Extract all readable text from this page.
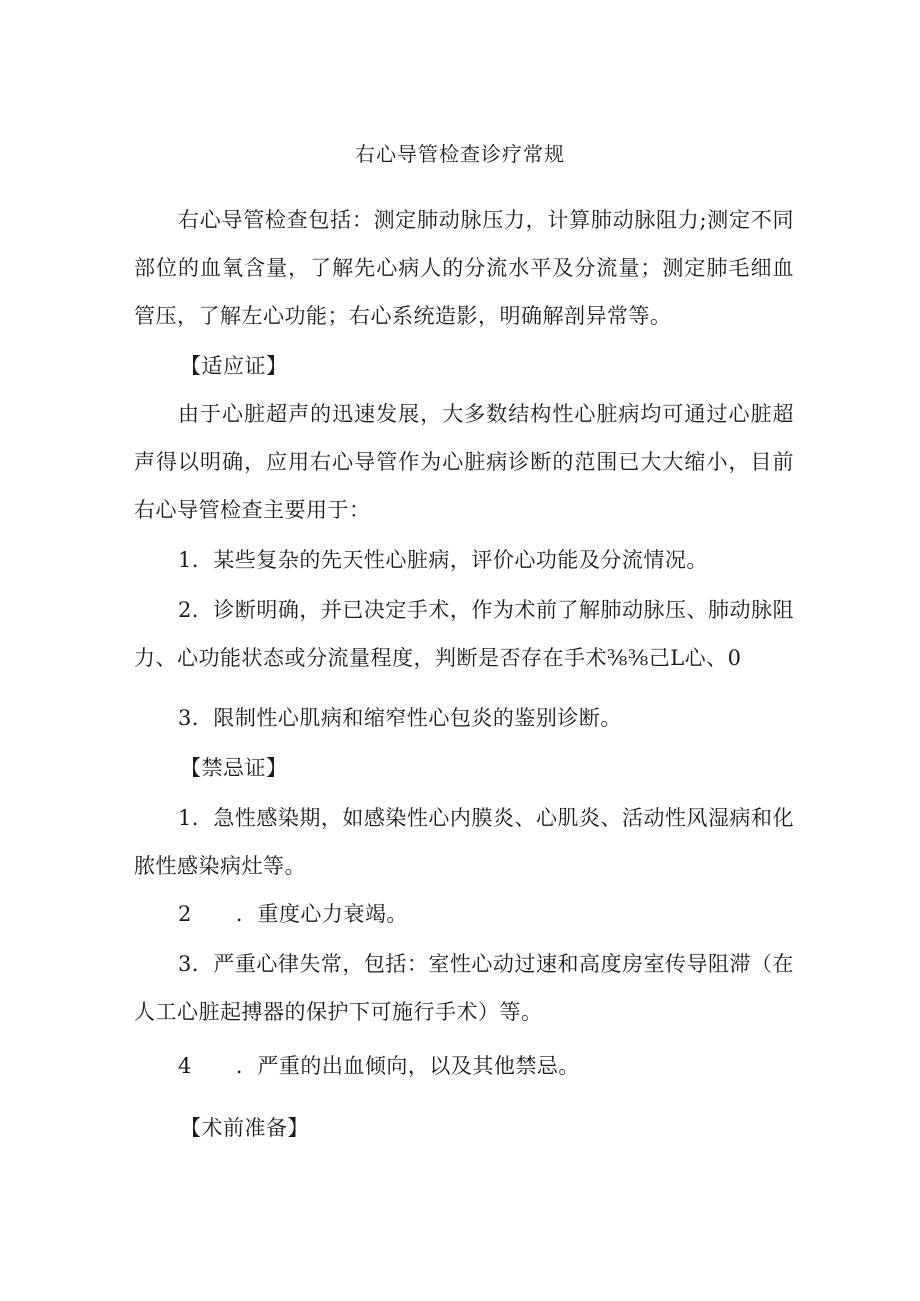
右心导管检查诊疗常规
右心导管检查包括：测定肺动脉压力，计算肺动脉阻力;测定不同部位的血氧含量，了解先心病人的分流水平及分流量；测定肺毛细血管压，了解左心功能；右心系统造影，明确解剖异常等。
【适应证】
由于心脏超声的迅速发展，大多数结构性心脏病均可通过心脏超声得以明确，应用右心导管作为心脏病诊断的范围已大大缩小，目前右心导管检查主要用于：
1．某些复杂的先天性心脏病，评价心功能及分流情况。
2．诊断明确，并已决定手术，作为术前了解肺动脉压、肺动脉阻力、心功能状态或分流量程度，判断是否存在手术⅜⅜己L心、0
3．限制性心肌病和缩窄性心包炎的鉴别诊断。
【禁忌证】
1．急性感染期，如感染性心内膜炎、心肌炎、活动性风湿病和化脓性感染病灶等。
2 ．重度心力衰竭。
3．严重心律失常，包括：室性心动过速和高度房室传导阻滞（在人工心脏起搏器的保护下可施行手术）等。
4 ．严重的出血倾向，以及其他禁忌。
【术前准备】
